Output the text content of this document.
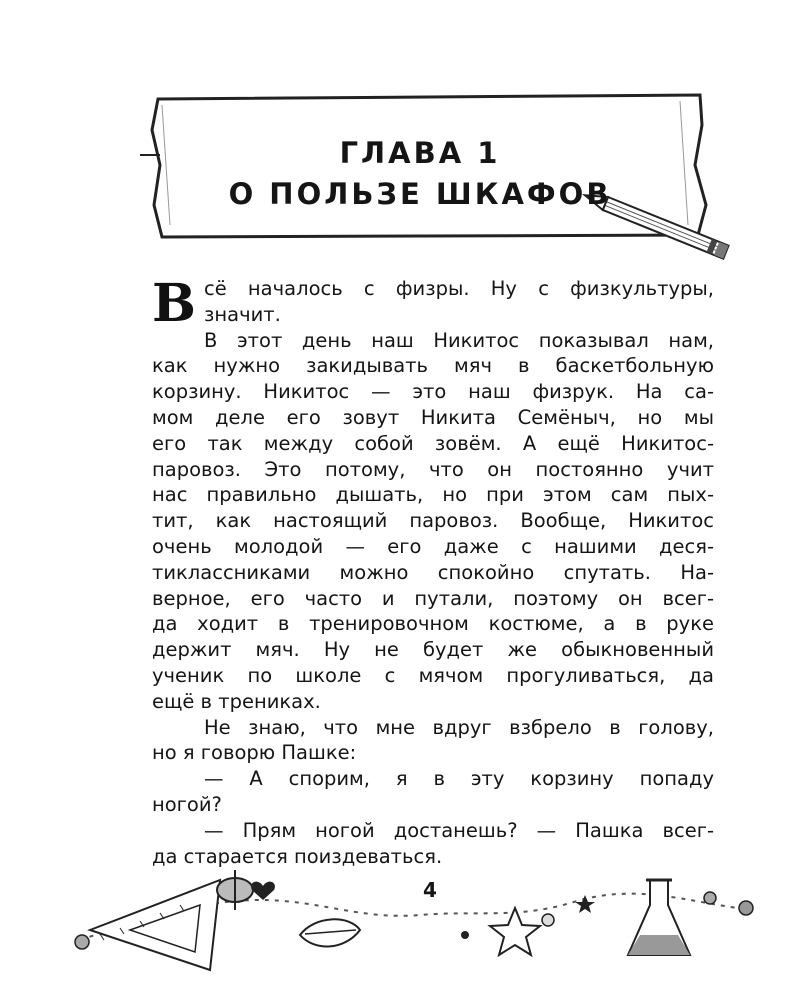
ГЛАВА 1
О ПОЛЬЗЕ ШКАФОВ
В сё началось с физры. Ну с физкультуры,
значит.
В этот день наш Никитос показывал нам,
как нужно закидывать мяч в баскетбольную
корзину. Никитос — это наш физрук. На са-
мом деле его зовут Никита Семёныч, но мы
его так между собой зовём. А ещё Никитос-
паровоз. Это потому, что он постоянно учит
нас правильно дышать, но при этом сам пых-
тит, как настоящий паровоз. Вообще, Никитос
очень молодой — его даже с нашими деся-
тиклассниками можно спокойно спутать. На-
верное, его часто и путали, поэтому он всег-
да ходит в тренировочном костюме, а в руке
держит мяч. Ну не будет же обыкновенный
ученик по школе с мячом прогуливаться, да
ещё в трениках.
Не знаю, что мне вдруг взбрело в голову,
но я говорю Пашке:
— А спорим, я в эту корзину попаду
ногой?
— Прям ногой достанешь? — Пашка всег-
да старается поиздеваться.
4
